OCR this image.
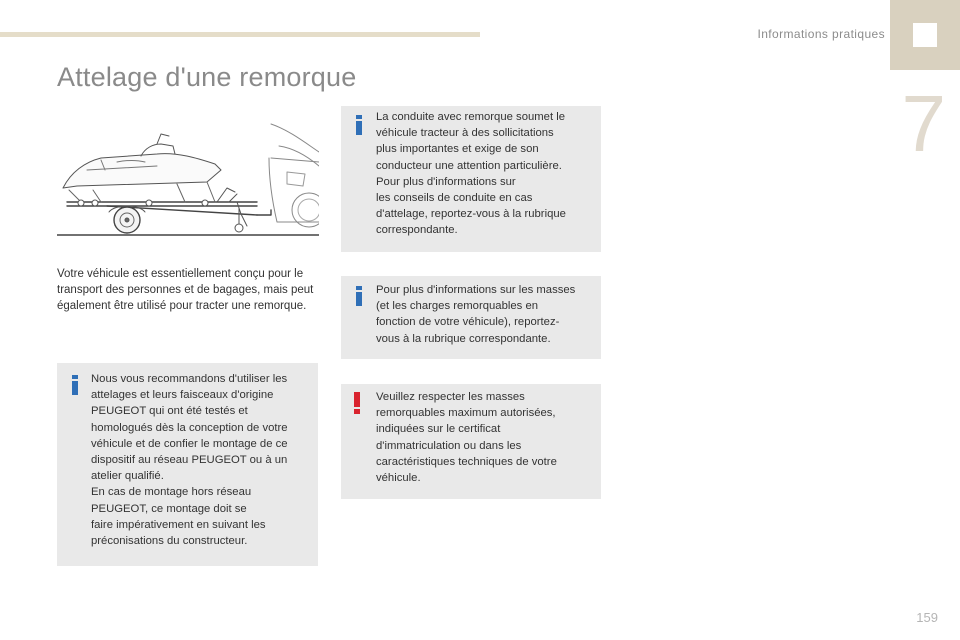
Informations pratiques
7
Attelage d'une remorque

Votre véhicule est essentiellement conçu pour le transport des personnes et de bagages, mais peut également être utilisé pour tracter une remorque.

Nous vous recommandons d'utiliser les
attelages et leurs faisceaux d'origine
PEUGEOT qui ont été testés et
homologués dès la conception de votre
véhicule et de confier le montage de ce
dispositif au réseau PEUGEOT ou à un
atelier qualifié.
En cas de montage hors réseau
PEUGEOT, ce montage doit se
faire impérativement en suivant les
préconisations du constructeur.

La conduite avec remorque soumet le
véhicule tracteur à des sollicitations
plus importantes et exige de son
conducteur une attention particulière.
Pour plus d'informations sur
les conseils de conduite en cas
d'attelage, reportez-vous à la rubrique
correspondante.

Pour plus d'informations sur les masses
(et les charges remorquables en
fonction de votre véhicule), reportez-
vous à la rubrique correspondante.

Veuillez respecter les masses
remorquables maximum autorisées,
indiquées sur le certificat
d'immatriculation ou dans les
caractéristiques techniques de votre
véhicule.

159
